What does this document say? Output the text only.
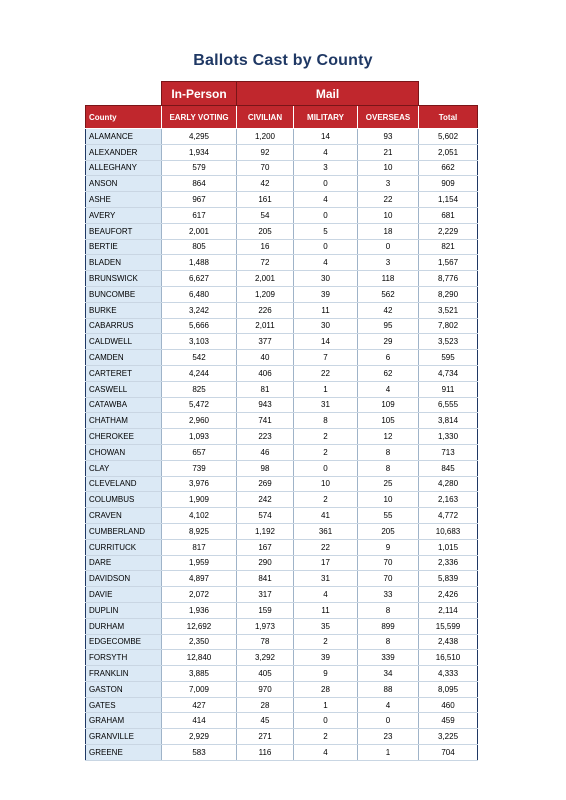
Ballots Cast by County
	In-Person	Mail			
County	EARLY VOTING	CIVILIAN	MILITARY	OVERSEAS	Total
ALAMANCE	4,295	1,200	14	93	5,602
ALEXANDER	1,934	92	4	21	2,051
ALLEGHANY	579	70	3	10	662
ANSON	864	42	0	3	909
ASHE	967	161	4	22	1,154
AVERY	617	54	0	10	681
BEAUFORT	2,001	205	5	18	2,229
BERTIE	805	16	0	0	821
BLADEN	1,488	72	4	3	1,567
BRUNSWICK	6,627	2,001	30	118	8,776
BUNCOMBE	6,480	1,209	39	562	8,290
BURKE	3,242	226	11	42	3,521
CABARRUS	5,666	2,011	30	95	7,802
CALDWELL	3,103	377	14	29	3,523
CAMDEN	542	40	7	6	595
CARTERET	4,244	406	22	62	4,734
CASWELL	825	81	1	4	911
CATAWBA	5,472	943	31	109	6,555
CHATHAM	2,960	741	8	105	3,814
CHEROKEE	1,093	223	2	12	1,330
CHOWAN	657	46	2	8	713
CLAY	739	98	0	8	845
CLEVELAND	3,976	269	10	25	4,280
COLUMBUS	1,909	242	2	10	2,163
CRAVEN	4,102	574	41	55	4,772
CUMBERLAND	8,925	1,192	361	205	10,683
CURRITUCK	817	167	22	9	1,015
DARE	1,959	290	17	70	2,336
DAVIDSON	4,897	841	31	70	5,839
DAVIE	2,072	317	4	33	2,426
DUPLIN	1,936	159	11	8	2,114
DURHAM	12,692	1,973	35	899	15,599
EDGECOMBE	2,350	78	2	8	2,438
FORSYTH	12,840	3,292	39	339	16,510
FRANKLIN	3,885	405	9	34	4,333
GASTON	7,009	970	28	88	8,095
GATES	427	28	1	4	460
GRAHAM	414	45	0	0	459
GRANVILLE	2,929	271	2	23	3,225
GREENE	583	116	4	1	704
